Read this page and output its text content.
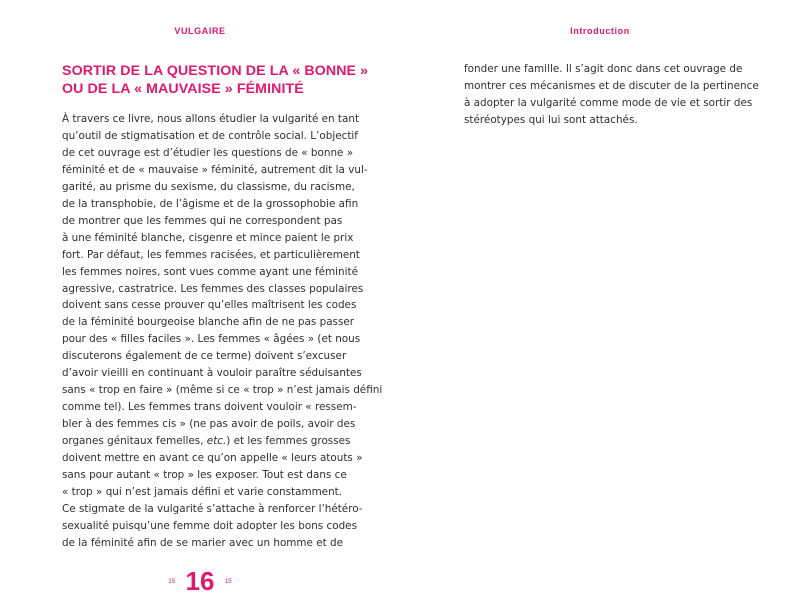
VULGAIRE
SORTIR DE LA QUESTION DE LA « BONNE »
OU DE LA « MAUVAISE » FÉMINITÉ
À travers ce livre, nous allons étudier la vulgarité en tant
qu’outil de stigmatisation et de contrôle social. L’objectif
de cet ouvrage est d’étudier les questions de « bonne »
féminité et de « mauvaise » féminité, autrement dit la vul-
garité, au prisme du sexisme, du classisme, du racisme,
de la transphobie, de l’âgisme et de la grossophobie afin
de montrer que les femmes qui ne correspondent pas
à une féminité blanche, cisgenre et mince paient le prix
fort. Par défaut, les femmes racisées, et particulièrement
les femmes noires, sont vues comme ayant une féminité
agressive, castratrice. Les femmes des classes populaires
doivent sans cesse prouver qu’elles maîtrisent les codes
de la féminité bourgeoise blanche afin de ne pas passer
pour des « filles faciles ». Les femmes « âgées » (et nous
discuterons également de ce terme) doivent s’excuser
d’avoir vieilli en continuant à vouloir paraître séduisantes
sans « trop en faire » (même si ce « trop » n’est jamais défini
comme tel). Les femmes trans doivent vouloir « ressem-
bler à des femmes cis » (ne pas avoir de poils, avoir des
organes génitaux femelles, etc.) et les femmes grosses
doivent mettre en avant ce qu’on appelle « leurs atouts »
sans pour autant « trop » les exposer. Tout est dans ce
« trop » qui n’est jamais défini et varie constamment.
Ce stigmate de la vulgarité s’attache à renforcer l’hétéro-
sexualité puisqu’une femme doit adopter les bons codes
de la féminité afin de se marier avec un homme et de
15 16 15
Introduction
fonder une famille. Il s’agit donc dans cet ouvrage de
montrer ces mécanismes et de discuter de la pertinence
à adopter la vulgarité comme mode de vie et sortir des
stéréotypes qui lui sont attachés.
